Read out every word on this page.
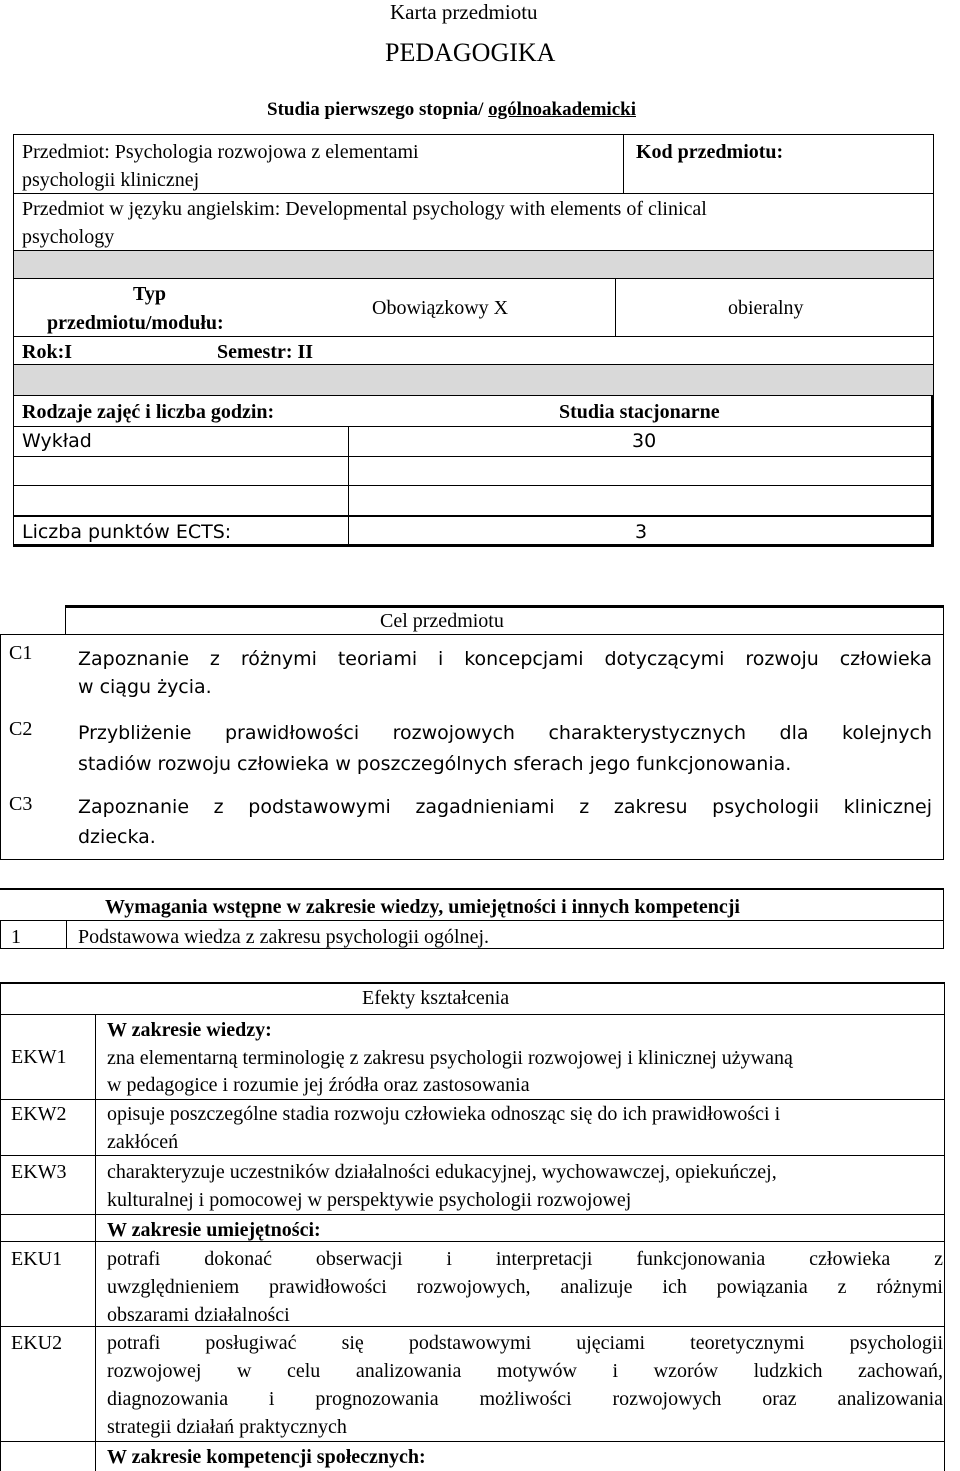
Karta przedmiotu
PEDAGOGIKA
Studia pierwszego stopnia/ ogólnoakademicki
Przedmiot: Psychologia rozwojowa z elementami
psychologii klinicznej
Kod przedmiotu:
Przedmiot w języku angielskim: Developmental psychology with elements of clinical
psychology
Typ
przedmiotu/modułu:
Obowiązkowy X	obieralny
Rok:I	Semestr: II
Rodzaje zajęć i liczba godzin:	Studia stacjonarne
Wykład	30
Liczba punktów ECTS:	3
Cel przedmiotu
C1 Zapoznanie z różnymi teoriami i koncepcjami dotyczącymi rozwoju człowieka
w ciągu życia.
C2 Przybliżenie prawidłowości rozwojowych charakterystycznych dla kolejnych
stadiów rozwoju człowieka w poszczególnych sferach jego funkcjonowania.
C3 Zapoznanie z podstawowymi zagadnieniami z zakresu psychologii klinicznej
dziecka.
Wymagania wstępne w zakresie wiedzy, umiejętności i innych kompetencji
1	Podstawowa wiedza z zakresu psychologii ogólnej.
Efekty kształcenia
W zakresie wiedzy:
EKW1 zna elementarną terminologię z zakresu psychologii rozwojowej i klinicznej używaną
w pedagogice i rozumie jej źródła oraz zastosowania
EKW2 opisuje poszczególne stadia rozwoju człowieka odnosząc się do ich prawidłowości i
zakłóceń
EKW3 charakteryzuje uczestników działalności edukacyjnej, wychowawczej, opiekuńczej,
kulturalnej i pomocowej w perspektywie psychologii rozwojowej
W zakresie umiejętności:
EKU1 potrafi dokonać obserwacji i interpretacji funkcjonowania człowieka z
uwzględnieniem prawidłowości rozwojowych, analizuje ich powiązania z różnymi
obszarami działalności
EKU2 potrafi posługiwać się podstawowymi ujęciami teoretycznymi psychologii
rozwojowej w celu analizowania motywów i wzorów ludzkich zachowań,
diagnozowania i prognozowania możliwości rozwojowych oraz analizowania
strategii działań praktycznych
W zakresie kompetencji społecznych:
